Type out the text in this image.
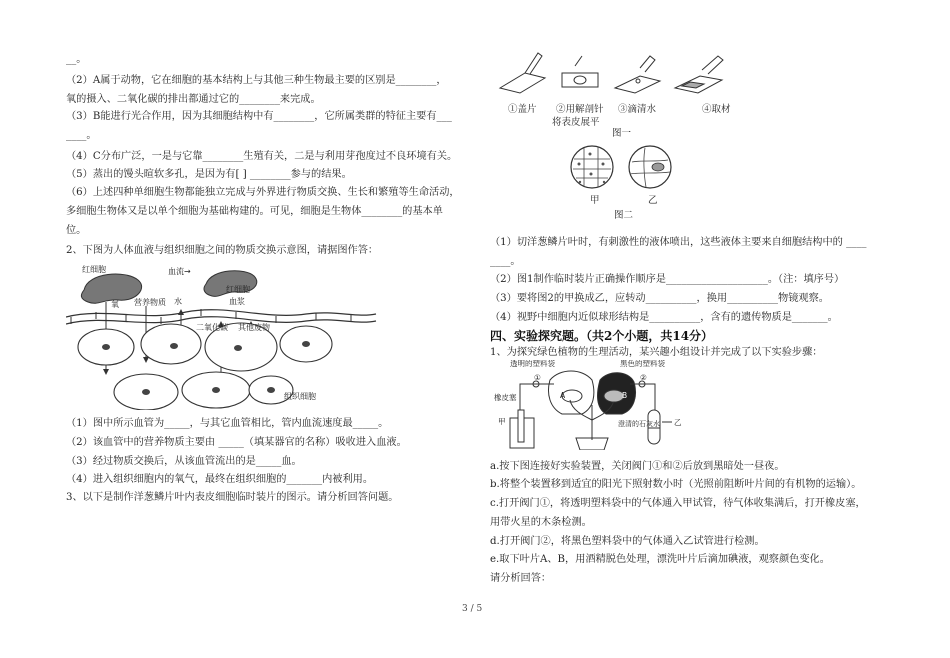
__。
（2）A属于动物，它在细胞的基本结构上与其他三种生物最主要的区别是________，
氧的摄入、二氧化碳的排出都通过它的________来完成。
（3）B能进行光合作用，因为其细胞结构中有________，它所属类群的特征主要有___
____。
（4）C分布广泛，一是与它靠________生殖有关，二是与利用芽孢度过不良环境有关。
（5）蒸出的馒头暄软多孔，是因为有[ ] ________参与的结果。
（6）上述四种单细胞生物都能独立完成与外界进行物质交换、生长和繁殖等生命活动，
多细胞生物体又是以单个细胞为基础构建的。可见，细胞是生物体________的基本单
位。
2、下图为人体血液与组织细胞之间的物质交换示意图，请据图作答：
红细胞	血流→
红细胞
氧 营养物质 水	血浆
二氧化碳 其他废物
组织细胞
（1）图中所示血管为_____，与其它血管相比，管内血流速度最_____。
（2）该血管中的营养物质主要由 _____（填某器官的名称）吸收进入血液。
（3）经过物质交换后，从该血管流出的是_____血。
（4）进入组织细胞内的氧气，最终在组织细胞的_______内被利用。
3、以下是制作洋葱鳞片叶内表皮细胞临时装片的图示。请分析回答问题。
①盖片 ②用解剖针
将表皮展平
③滴清水	④取材
图一
甲	乙
图二
（1）切洋葱鳞片叶时，有刺激性的液体喷出，这些液体主要来自细胞结构中的 ____
____。
（2）图1制作临时装片正确操作顺序是____________________。（注：填序号）
（3）要将图2的甲换成乙，应转动__________，换用__________物镜观察。
（4）视野中细胞内近似球形结构是__________，含有的遗传物质是_______。
四、实验探究题。（共2个小题，共14分）
1、为探究绿色植物的生理活动，某兴趣小组设计并完成了以下实验步骤：
透明的塑料袋	黑色的塑料袋
橡皮塞
甲	乙
澄清的石灰水
①	②
A	B
a.按下图连接好实验装置，关闭阀门①和②后放到黑暗处一昼夜。
b.将整个装置移到适宜的阳光下照射数小时（光照前阻断叶片间的有机物的运输）。
c.打开阀门①，将透明塑料袋中的气体通入甲试管，待气体收集满后，打开橡皮塞，
用带火星的木条检测。
d.打开阀门②，将黑色塑料袋中的气体通入乙试管进行检测。
e.取下叶片A、B，用酒精脱色处理，漂洗叶片后滴加碘液，观察颜色变化。
请分析回答：
3 / 5
